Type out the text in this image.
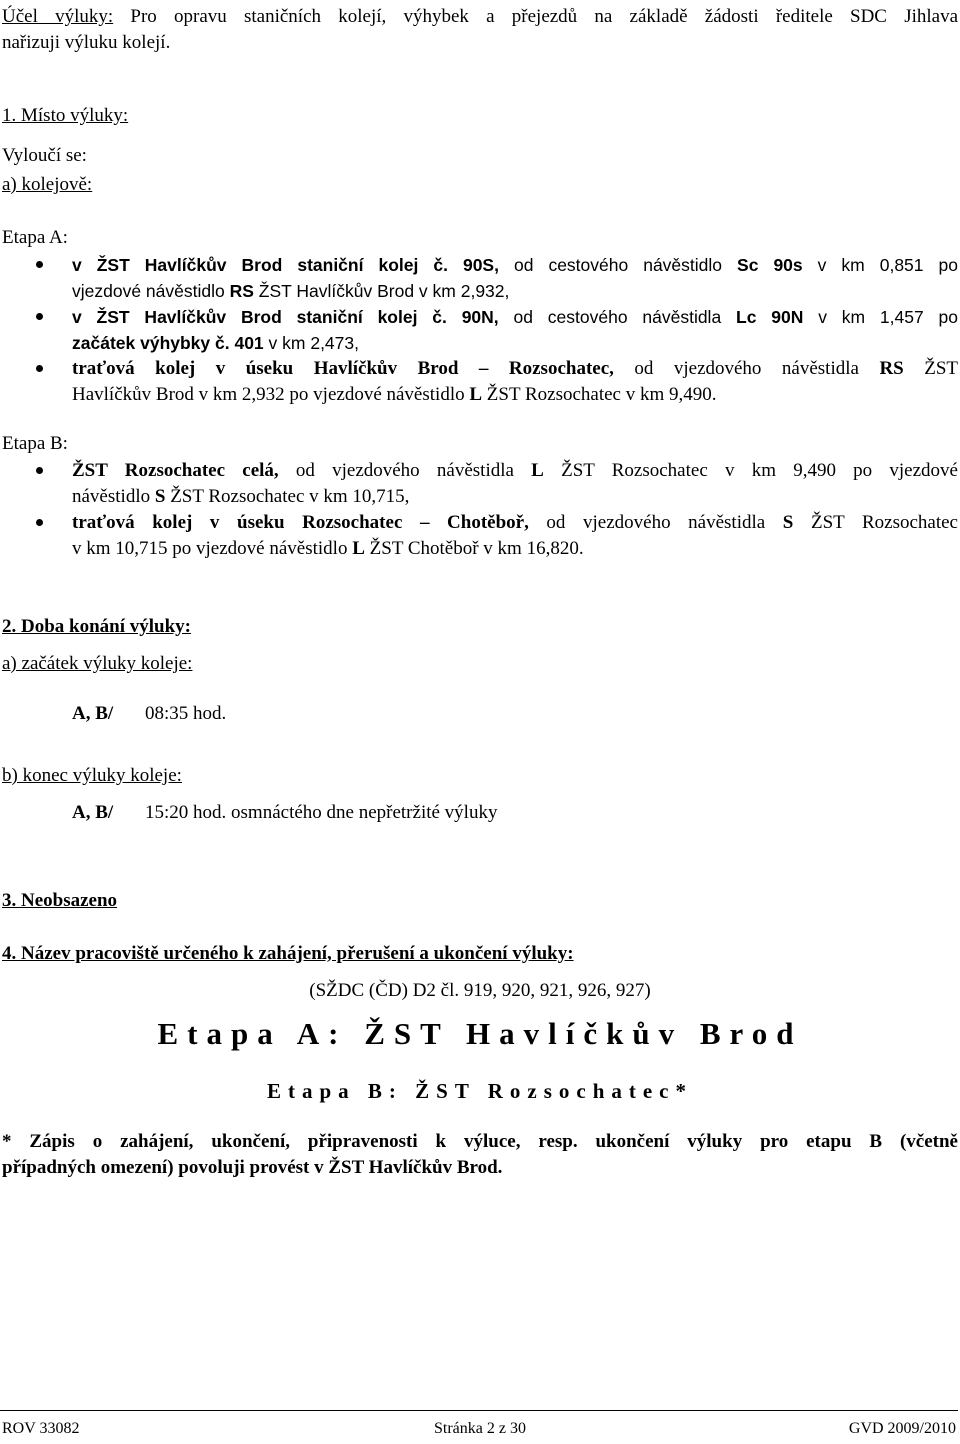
Účel výluky: Pro opravu staničních kolejí, výhybek a přejezdů na základě žádosti ředitele SDC Jihlava
nařizuji výluku kolejí.
1. Místo výluky:
Vyloučí se:
a) kolejově:
Etapa A:
v ŽST Havlíčkův Brod staniční kolej č. 90S, od cestového návěstidlo Sc 90s v km 0,851 po
vjezdové návěstidlo RS ŽST Havlíčkův Brod v km 2,932,
v ŽST Havlíčkův Brod staniční kolej č. 90N, od cestového návěstidla Lc 90N v km 1,457 po
začátek výhybky č. 401 v km 2,473,
traťová kolej v úseku Havlíčkův Brod – Rozsochatec, od vjezdového návěstidla RS ŽST
Havlíčkův Brod v km 2,932 po vjezdové návěstidlo L ŽST Rozsochatec v km 9,490.
Etapa B:
ŽST Rozsochatec celá, od vjezdového návěstidla L ŽST Rozsochatec v km 9,490 po vjezdové
návěstidlo S ŽST Rozsochatec v km 10,715,
traťová kolej v úseku Rozsochatec – Chotěboř, od vjezdového návěstidla S ŽST Rozsochatec
v km 10,715 po vjezdové návěstidlo L ŽST Chotěboř v km 16,820.
2. Doba konání výluky:
a) začátek výluky koleje:
A, B/ 08:35 hod.
b) konec výluky koleje:
A, B/ 15:20 hod. osmnáctého dne nepřetržité výluky
3. Neobsazeno
4. Název pracoviště určeného k zahájení, přerušení a ukončení výluky:
(SŽDC (ČD) D2 čl. 919, 920, 921, 926, 927)
Etapa A: ŽST Havlíčkův Brod
Etapa B: ŽST Rozsochatec*
* Zápis o zahájení, ukončení, připravenosti k výluce, resp. ukončení výluky pro etapu B (včetně
případných omezení) povoluji provést v ŽST Havlíčkův Brod.
ROV 33082	Stránka 2 z 30	GVD 2009/2010
